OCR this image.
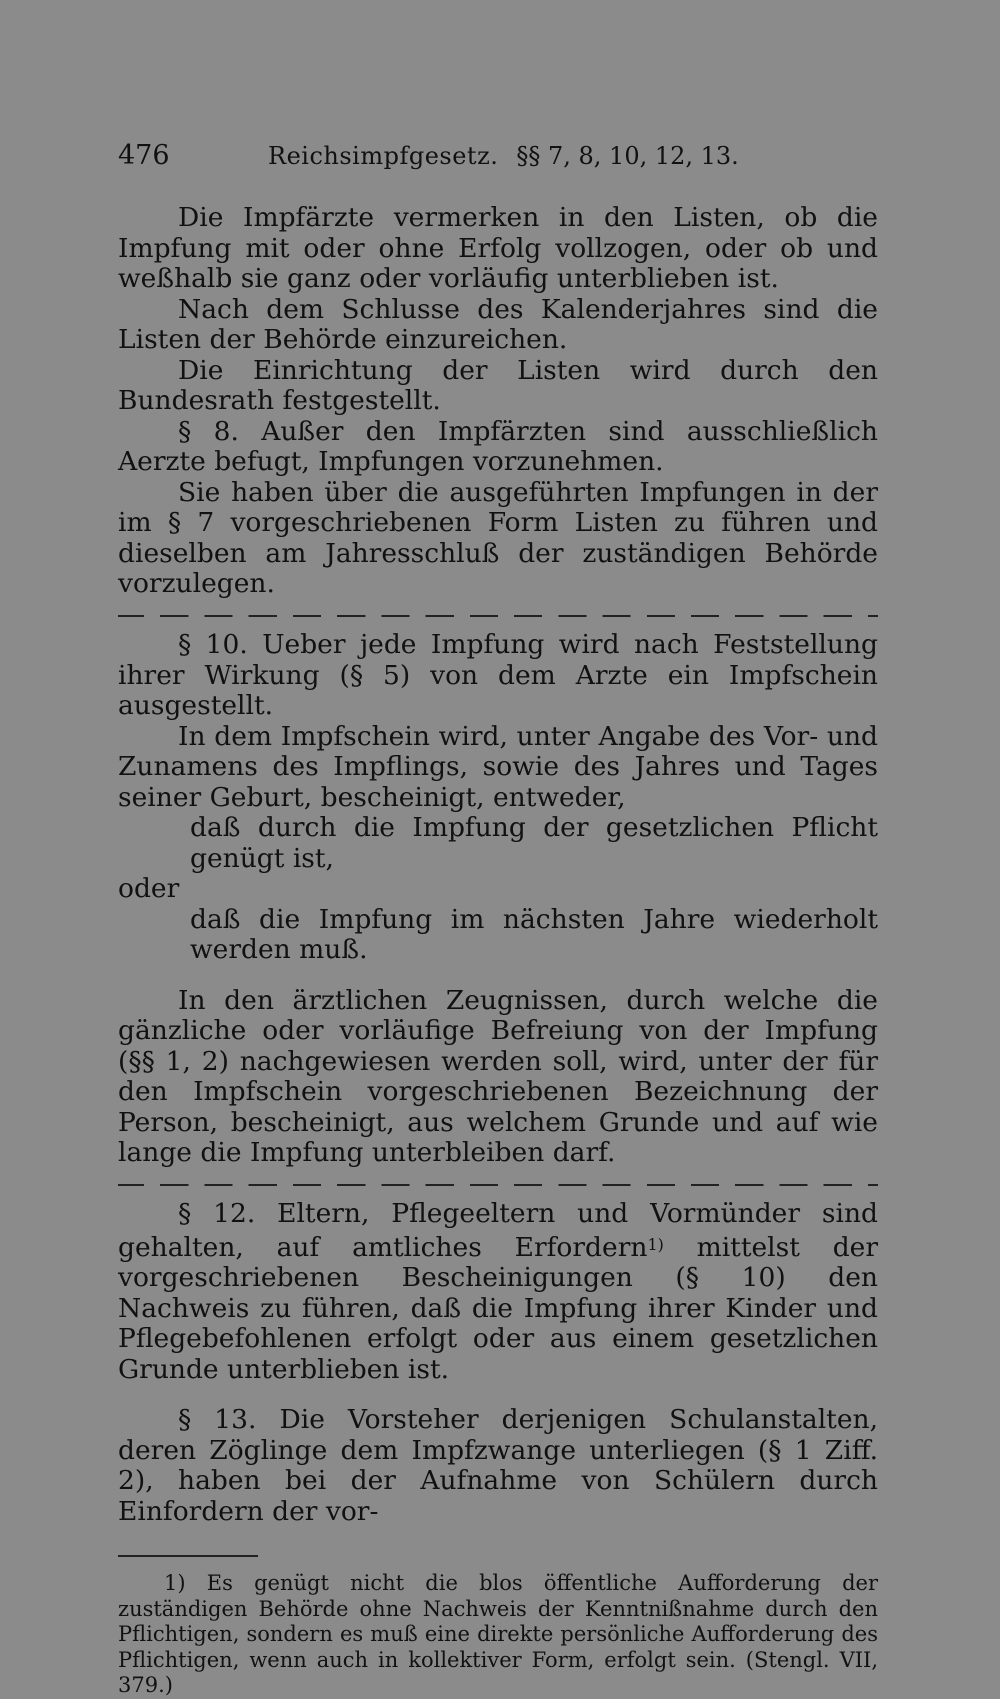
476	Reichsimpfgesetz. §§ 7, 8, 10, 12, 13.

Die Impfärzte vermerken in den Listen, ob die Impfung mit oder ohne Erfolg vollzogen, oder ob und weßhalb sie ganz oder vorläufig unterblieben ist.

Nach dem Schlusse des Kalenderjahres sind die Listen der Behörde einzureichen.

Die Einrichtung der Listen wird durch den Bundesrath festgestellt.

§ 8. Außer den Impfärzten sind ausschließlich Aerzte befugt, Impfungen vorzunehmen.

Sie haben über die ausgeführten Impfungen in der im § 7 vorgeschriebenen Form Listen zu führen und dieselben am Jahresschluß der zuständigen Behörde vorzulegen.

§ 10. Ueber jede Impfung wird nach Feststellung ihrer Wirkung (§ 5) von dem Arzte ein Impfschein ausgestellt.

In dem Impfschein wird, unter Angabe des Vor- und Zunamens des Impflings, sowie des Jahres und Tages seiner Geburt, bescheinigt, entweder,

daß durch die Impfung der gesetzlichen Pflicht genügt ist,

oder

daß die Impfung im nächsten Jahre wiederholt werden muß.

In den ärztlichen Zeugnissen, durch welche die gänzliche oder vorläufige Befreiung von der Impfung (§§ 1, 2) nachgewiesen werden soll, wird, unter der für den Impfschein vorgeschriebenen Bezeichnung der Person, bescheinigt, aus welchem Grunde und auf wie lange die Impfung unterbleiben darf.

§ 12. Eltern, Pflegeeltern und Vormünder sind gehalten, auf amtliches Erfordern$^{1)}$ mittelst der vorgeschriebenen Bescheinigungen (§ 10) den Nachweis zu führen, daß die Impfung ihrer Kinder und Pflegebefohlenen erfolgt oder aus einem gesetzlichen Grunde unterblieben ist.

§ 13. Die Vorsteher derjenigen Schulanstalten, deren Zöglinge dem Impfzwange unterliegen (§ 1 Ziff. 2), haben bei der Aufnahme von Schülern durch Einfordern der vor-

1) Es genügt nicht die blos öffentliche Aufforderung der zuständigen Behörde ohne Nachweis der Kenntnißnahme durch den Pflichtigen, sondern es muß eine direkte persönliche Aufforderung des Pflichtigen, wenn auch in kollektiver Form, erfolgt sein. (Stengl. VII, 379.)
